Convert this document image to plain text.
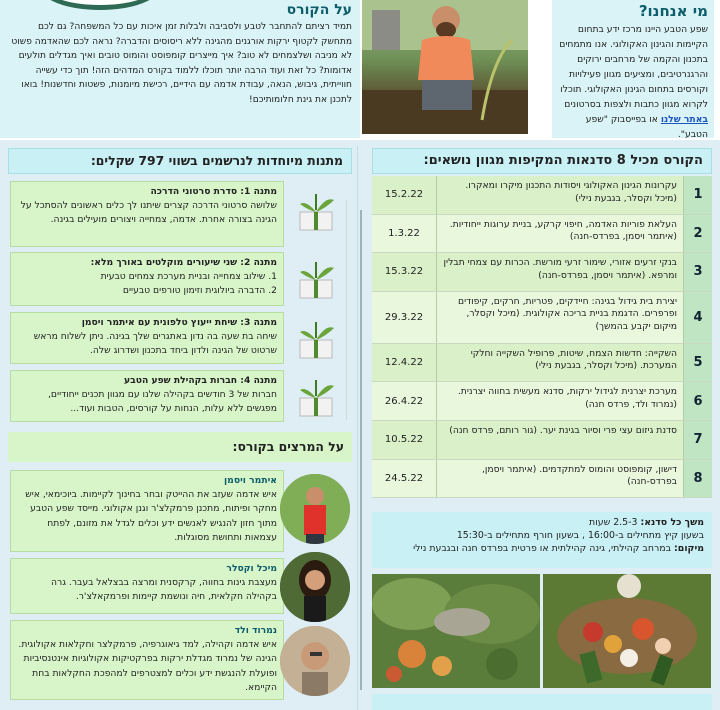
על הקורס
תמיד רציתם להתחבר לטבע ולסביבה ולבלות זמן איכות עם כל המשפחה? גם לכם מתחשק לקטוף ירקות אורגנים מהגינה ללא ריסוסים והדברה? נראה לכם שהאדמה פשוט לא מניבה ושלצמחים לא טוב? איך מייצרים קומפוסט והומוס טובים ואיך מגדלים תולעים אדומות? כל זאת ועוד הרבה יותר תוכלו ללמוד בקורס המדהים הזה! תוך כדי עשייה חווייתית, גיבוש, הנאה, עבודת אדמה עם הידיים, רכישת מיומנות, פשטות וחדשנות! בואו לתכנן את גינת חלומותיכם!
מי אנחנו?
שפע הטבע היינו מרכז ידע בתחום הקיימות והגינון האקולוגי. אנו מתמחים בתכנון והקמה של מרחבים ירוקים והרגנרטיבים, ומציעים מגוון פעילויות וקורסים בתחום הגינון האקולוגי. תוכלו לקרוא מגוון כתבות ולצפות בסרטונים באתר שלנו או בפייסבוק "שפע הטבע".
הקורס מכיל 8 סדנאות המקיפות מגוון נושאים:
1
עקרונות הגינון האקולוגי ויסודות התכנון מיקרו ומאקרו. (מיכל וקסלר, בגבעת נילי)
15.2.22
2
העלאת פוריות האדמה, חיפוי קרקע, בניית ערוגות ייחודיות. (איתמר ויסמן, בפרדס-חנה)
1.3.22
3
בנקי זרעים אזורי, שימור זרעי מורשת. הכרות עם צמחי תבלין ומרפא. (איתמר ויסמן, בפרדס-חנה)
15.3.22
4
יצירת בית גידול בגינה: חיידקים, פטריות, חרקים, קיפודים ופרפרים. הדגמת בניית בריכה אקולוגית. (מיכל וקסלר, מיקום יקבע בהמשך)
29.3.22
5
השקייה: חדשות הצמח, שיטות, פרופיל השקייה וחלקי המערכת. (מיכל וקסלר, בגבעת נילי)
12.4.22
6
מערכת יצרנית לגידול ירקות, סדנא מעשית בחווה יצרנית. (נמרוד ולד, פרדס חנה)
26.4.22
7
סדנת גיזום עצי פרי וסיור בגינת יער. (גור רותם, פרדס חנה)
10.5.22
8
דישון, קומפוסט והומוס למתקדמים. (איתמר ויסמן, בפרדס-חנה)
24.5.22
משך כל סדנא: 2.5-3 שעות
בשעון קיץ מתחילים ב-16:00 , בשעון חורף מתחילים ב-15:30
מיקום: במרחב קהילתי, גינה קהילתית או פרטית בפרדס חנה ובגבעת נילי
מתנות מיוחדות לנרשמים בשווי 797 שקלים:
מתנה 1: סדרת סרטוני הדרכה
שלושה סרטוני הדרכה קצרים שיתנו לך כלים ראשונים להסתכל על הגינה בצורה אחרת. אדמה, צמחייה ויצורים מועילים בגינה.
מתנה 2: שני שיעורים מוקלטים באורך מלא:
1. שילוב צמחייה ובניית מערכת צמחים טבעית
2. הדברה ביולוגית וזימון טורפים טבעיים
מתנה 3: שיחת ייעוץ טלפונית עם איתמר ויסמן
שיחה בת שעה בה נדון באתגרים שלך בגינה. ניתן לשלוח מראש שרטוט של הגינה ולדון ביחד בתכנון ושדרוג שלה.
מתנה 4: חברות בקהילת שפע הטבע
חברות של 3 חודשים בקהילה שלנו עם מגוון תכנים ייחודיים, מפגשים ללא עלות, הנחות על קורסים, הטבות ועוד...
על המרצים בקורס:
איתמר ויסמן
איש אדמה שעזב את ההייטק ובחר בחינוך לקיימות. ביוכימאי, איש מחקר ופיתוח, מתכנן פרמקלצ'ר וגנן אקולוגי. מייסד שפע הטבע מתוך חזון להנגיש לאנשים ידע וכלים לגדל את מזונם, לפתח עצמאות ותחושת מסוגלות.
מיכל וקסלר
מעצבת גינות בחווה, קרקסנית ומרצה בבצלאל בעבר. גרה בקהילה חקלאית, חיה ונושמת קיימות ופרמקאלצ'ר.
נמרוד ולד
איש אדמה וקהילה, למד גיאוגרפיה, פרמקלצר וחקלאות אקולוגית. הגינה של נמרוד מגדלת ירקות בפרקטיקות אקולוגיות אינטנסיביות ופועלת להנגשת ידע וכלים למצטרפים למהפכת החקלאות בחת הקיימא.
